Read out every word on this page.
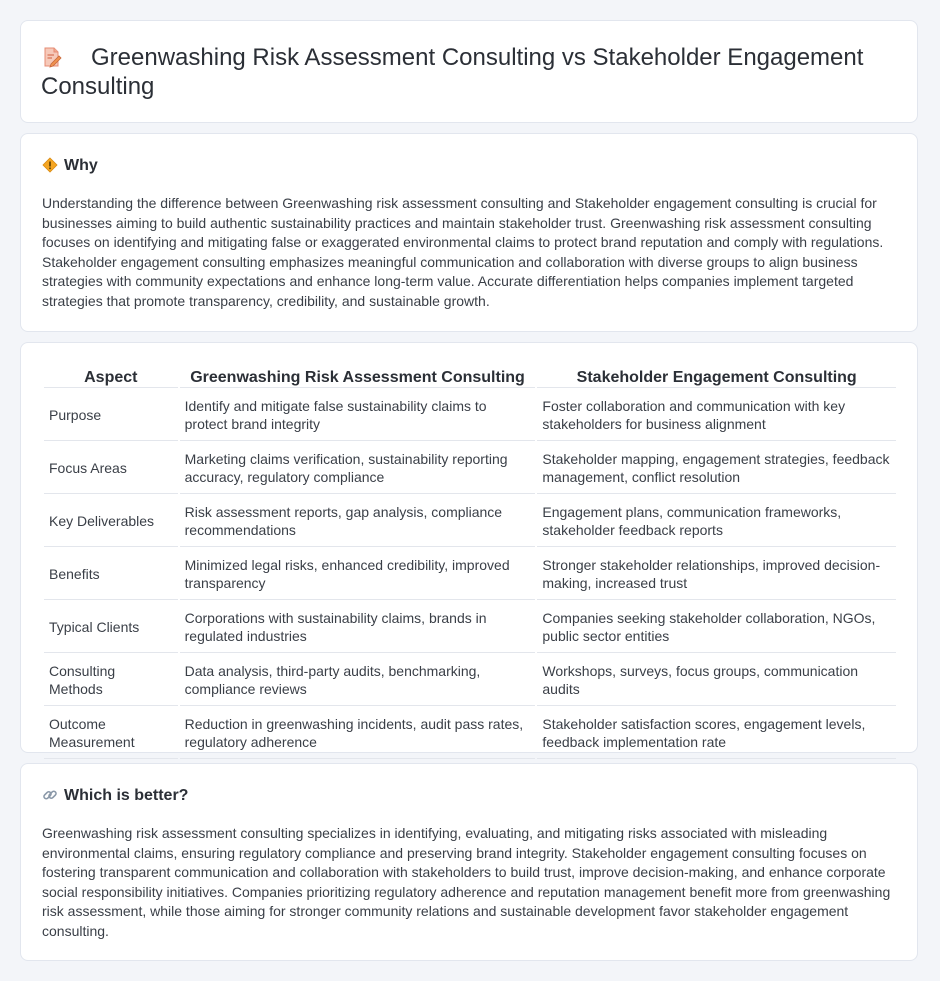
Greenwashing Risk Assessment Consulting vs Stakeholder Engagement Consulting
Why

Understanding the difference between Greenwashing risk assessment consulting and Stakeholder engagement consulting is crucial for businesses aiming to build authentic sustainability practices and maintain stakeholder trust. Greenwashing risk assessment consulting focuses on identifying and mitigating false or exaggerated environmental claims to protect brand reputation and comply with regulations. Stakeholder engagement consulting emphasizes meaningful communication and collaboration with diverse groups to align business strategies with community expectations and enhance long-term value. Accurate differentiation helps companies implement targeted strategies that promote transparency, credibility, and sustainable growth.

Aspect	Greenwashing Risk Assessment Consulting	Stakeholder Engagement Consulting
Purpose	Identify and mitigate false sustainability claims to protect brand integrity	Foster collaboration and communication with key stakeholders for business alignment
Focus Areas	Marketing claims verification, sustainability reporting accuracy, regulatory compliance	Stakeholder mapping, engagement strategies, feedback management, conflict resolution
Key Deliverables	Risk assessment reports, gap analysis, compliance recommendations	Engagement plans, communication frameworks, stakeholder feedback reports
Benefits	Minimized legal risks, enhanced credibility, improved transparency	Stronger stakeholder relationships, improved decision-making, increased trust
Typical Clients	Corporations with sustainability claims, brands in regulated industries	Companies seeking stakeholder collaboration, NGOs, public sector entities
Consulting Methods	Data analysis, third-party audits, benchmarking, compliance reviews	Workshops, surveys, focus groups, communication audits
Outcome Measurement	Reduction in greenwashing incidents, audit pass rates, regulatory adherence	Stakeholder satisfaction scores, engagement levels, feedback implementation rate
Which is better?

Greenwashing risk assessment consulting specializes in identifying, evaluating, and mitigating risks associated with misleading environmental claims, ensuring regulatory compliance and preserving brand integrity. Stakeholder engagement consulting focuses on fostering transparent communication and collaboration with stakeholders to build trust, improve decision-making, and enhance corporate social responsibility initiatives. Companies prioritizing regulatory adherence and reputation management benefit more from greenwashing risk assessment, while those aiming for stronger community relations and sustainable development favor stakeholder engagement consulting.
